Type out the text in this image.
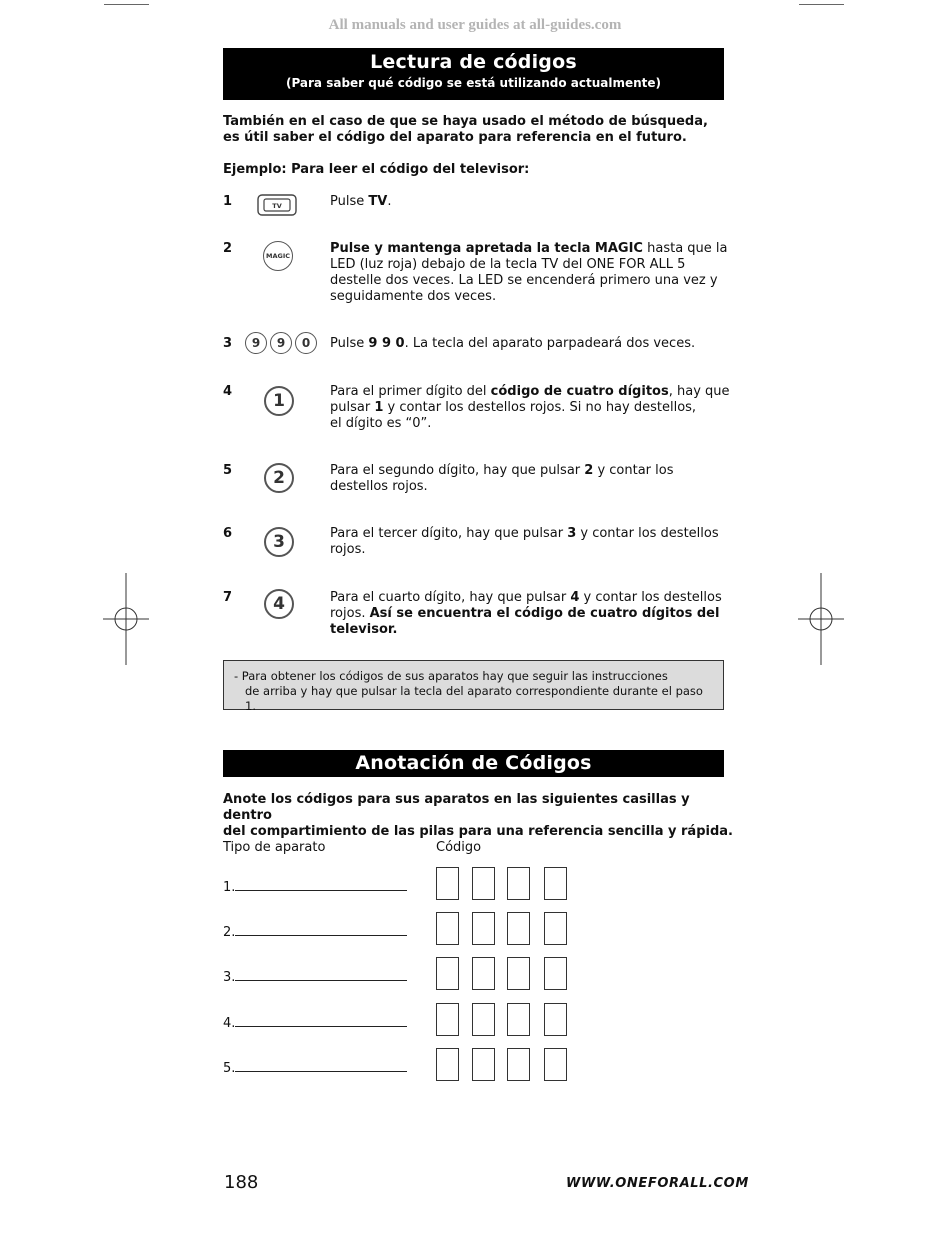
All manuals and user guides at all-guides.com
Lectura de códigos
(Para saber qué código se está utilizando actualmente)
También en el caso de que se haya usado el método de búsqueda,
es útil saber el código del aparato para referencia en el futuro.
Ejemplo: Para leer el código del televisor:
1	TV	Pulse TV.
2	MAGIC	Pulse y mantenga apretada la tecla MAGIC hasta que la LED (luz roja) debajo de la tecla TV del ONE FOR ALL 5 destelle dos veces. La LED se encenderá primero una vez y seguidamente dos veces.
3	9	9	0	Pulse 9 9 0. La tecla del aparato parpadeará dos veces.
4	1	Para el primer dígito del código de cuatro dígitos, hay que pulsar 1 y contar los destellos rojos. Si no hay destellos,
el dígito es “0”.
5	2	Para el segundo dígito, hay que pulsar 2 y contar los destellos rojos.
6	3	Para el tercer dígito, hay que pulsar 3 y contar los destellos rojos.
7	4	Para el cuarto dígito, hay que pulsar 4 y contar los destellos rojos. Así se encuentra el código de cuatro dígitos del televisor.
- Para obtener los códigos de sus aparatos hay que seguir las instrucciones
de arriba y hay que pulsar la tecla del aparato correspondiente durante el paso 1.
Anotación de Códigos
Anote los códigos para sus aparatos en las siguientes casillas y dentro
del compartimiento de las pilas para una referencia sencilla y rápida.
Tipo de aparato	Código
1.
2.
3.
4.
5.
188	WWW.ONEFORALL.COM
